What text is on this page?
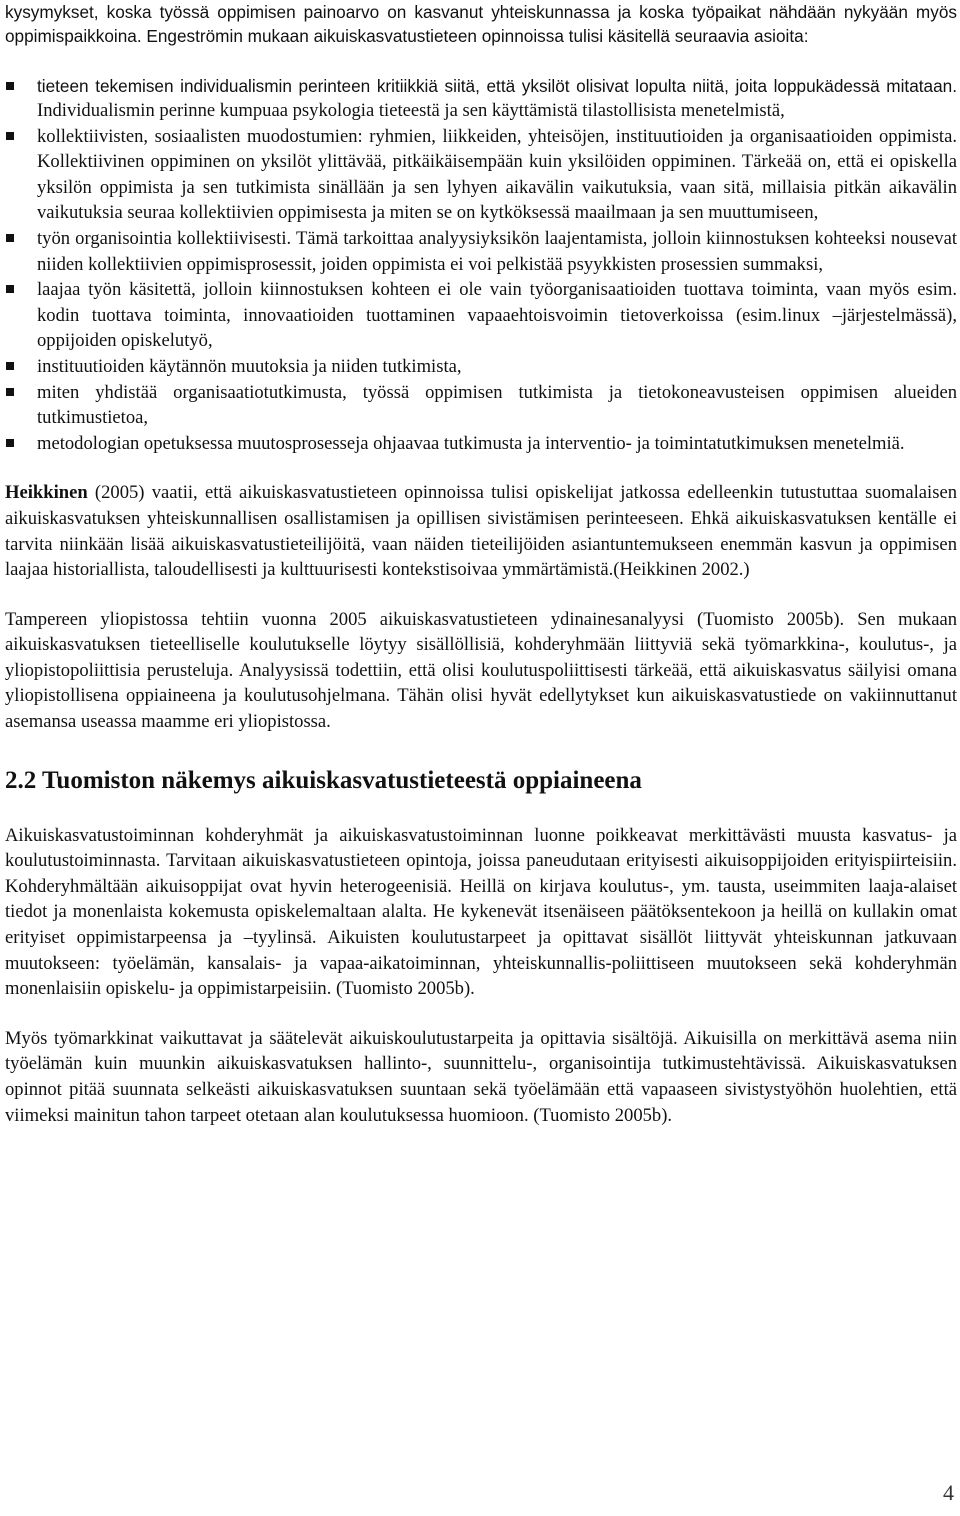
kysymykset, koska työssä oppimisen painoarvo on kasvanut yhteiskunnassa ja koska työpaikat nähdään nykyään myös oppimispaikkoina. Engeströmin mukaan aikuiskasvatustieteen opinnoissa tulisi käsitellä seuraavia asioita:

tieteen tekemisen individualismin perinteen kritiikkiä siitä, että yksilöt olisivat lopulta niitä, joita loppukädessä mitataan. Individualismin perinne kumpuaa psykologia tieteestä ja sen käyttämistä tilastollisista menetelmistä,
kollektiivisten, sosiaalisten muodostumien: ryhmien, liikkeiden, yhteisöjen, instituutioiden ja organisaatioiden oppimista. Kollektiivinen oppiminen on yksilöt ylittävää, pitkäikäisempään kuin yksilöiden oppiminen. Tärkeää on, että ei opiskella yksilön oppimista ja sen tutkimista sinällään ja sen lyhyen aikavälin vaikutuksia, vaan sitä, millaisia pitkän aikavälin vaikutuksia seuraa kollektiivien oppimisesta ja miten se on kytköksessä maailmaan ja sen muuttumiseen,
työn organisointia kollektiivisesti. Tämä tarkoittaa analyysiyksikön laajentamista, jolloin kiinnostuksen kohteeksi nousevat niiden kollektiivien oppimisprosessit, joiden oppimista ei voi pelkistää psyykkisten prosessien summaksi,
laajaa työn käsitettä, jolloin kiinnostuksen kohteen ei ole vain työorganisaatioiden tuottava toiminta, vaan myös esim. kodin tuottava toiminta, innovaatioiden tuottaminen vapaaehtoisvoimin tietoverkoissa (esim.linux –järjestelmässä), oppijoiden opiskelutyö,
instituutioiden käytännön muutoksia ja niiden tutkimista,
miten yhdistää organisaatiotutkimusta, työssä oppimisen tutkimista ja tietokoneavusteisen oppimisen alueiden tutkimustietoa,
metodologian opetuksessa muutosprosesseja ohjaavaa tutkimusta ja interventio- ja toimintatutkimuksen menetelmiä.

Heikkinen (2005) vaatii, että aikuiskasvatustieteen opinnoissa tulisi opiskelijat jatkossa edelleenkin tutustuttaa suomalaisen aikuiskasvatuksen yhteiskunnallisen osallistamisen ja opillisen sivistämisen perinteeseen. Ehkä aikuiskasvatuksen kentälle ei tarvita niinkään lisää aikuiskasvatustieteilijöitä, vaan näiden tieteilijöiden asiantuntemukseen enemmän kasvun ja oppimisen laajaa historiallista, taloudellisesti ja kulttuurisesti kontekstisoivaa ymmärtämistä.(Heikkinen 2002.)

Tampereen yliopistossa tehtiin vuonna 2005 aikuiskasvatustieteen ydinainesanalyysi (Tuomisto 2005b). Sen mukaan aikuiskasvatuksen tieteelliselle koulutukselle löytyy sisällöllisiä, kohderyhmään liittyviä sekä työmarkkina-, koulutus-, ja yliopistopoliittisia perusteluja. Analyysissä todettiin, että olisi koulutuspoliittisesti tärkeää, että aikuiskasvatus säilyisi omana yliopistollisena oppiaineena ja koulutusohjelmana. Tähän olisi hyvät edellytykset kun aikuiskasvatustiede on vakiinnuttanut asemansa useassa maamme eri yliopistossa.

2.2 Tuomiston näkemys aikuiskasvatustieteestä oppiaineena

Aikuiskasvatustoiminnan kohderyhmät ja aikuiskasvatustoiminnan luonne poikkeavat merkittävästi muusta kasvatus- ja koulutustoiminnasta. Tarvitaan aikuiskasvatustieteen opintoja, joissa paneudutaan erityisesti aikuisoppijoiden erityispiirteisiin. Kohderyhmältään aikuisoppijat ovat hyvin heterogeenisiä. Heillä on kirjava koulutus-, ym. tausta, useimmiten laaja-alaiset tiedot ja monenlaista kokemusta opiskelemaltaan alalta. He kykenevät itsenäiseen päätöksentekoon ja heillä on kullakin omat erityiset oppimistarpeensa ja –tyylinsä. Aikuisten koulutustarpeet ja opittavat sisällöt liittyvät yhteiskunnan jatkuvaan muutokseen: työelämän, kansalais- ja vapaa-aikatoiminnan, yhteiskunnallis-poliittiseen muutokseen sekä kohderyhmän monenlaisiin opiskelu- ja oppimistarpeisiin. (Tuomisto 2005b).

Myös työmarkkinat vaikuttavat ja säätelevät aikuiskoulutustarpeita ja opittavia sisältöjä. Aikuisilla on merkittävä asema niin työelämän kuin muunkin aikuiskasvatuksen hallinto-, suunnittelu-, organisointija tutkimustehtävissä. Aikuiskasvatuksen opinnot pitää suunnata selkeästi aikuiskasvatuksen suuntaan sekä työelämään että vapaaseen sivistystyöhön huolehtien, että viimeksi mainitun tahon tarpeet otetaan alan koulutuksessa huomioon. (Tuomisto 2005b).

4
